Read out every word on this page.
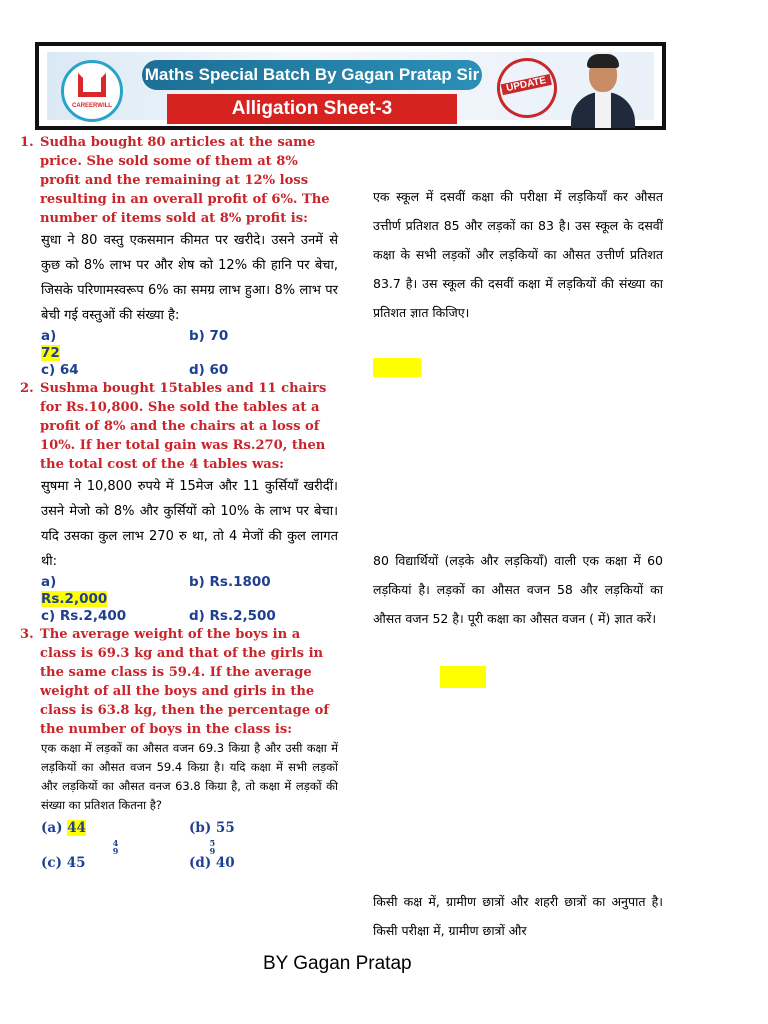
CAREERWILL
Maths Special Batch By Gagan Pratap Sir
Alligation Sheet-3
UPDATE
1. Sudha bought 80 articles at the same price. She sold some of them at 8% profit and the remaining at 12% loss resulting in an overall profit of 6%. The number of items sold at 8% profit is:
सुधा ने 80 वस्तु एकसमान कीमत पर खरीदे। उसने उनमें से कुछ को 8% लाभ पर और शेष को 12% की हानि पर बेचा, जिसके परिणामस्वरूप 6% का समग्र लाभ हुआ। 8% लाभ पर बेची गई वस्तुओं की संख्या है:
a)
72
b) 70
c) 64	d) 60
2. Sushma bought 15tables and 11 chairs for Rs.10,800. She sold the tables at a profit of 8% and the chairs at a loss of 10%. If her total gain was Rs.270, then the total cost of the 4 tables was:
सुषमा ने 10,800 रुपये में 15मेज और 11 कुर्सियाँ खरीदीं। उसने मेजो को 8% और कुर्सियों को 10% के लाभ पर बेचा। यदि उसका कुल लाभ 270 रु था, तो 4 मेजों की कुल लागत थी:
a)
Rs.2,000
b) Rs.1800
c) Rs.2,400	d) Rs.2,500
3. The average weight of the boys in a class is 69.3 kg and that of the girls in the same class is 59.4. If the average weight of all the boys and girls in the class is 63.8 kg, then the percentage of the number of boys in the class is:
एक कक्षा में लड़कों का औसत वजन 69.3 किग्रा है और उसी कक्षा में लड़कियों का औसत वजन 59.4 किग्रा है। यदि कक्षा में सभी लड़कों और लड़कियों का औसत वनज 63.8 किग्रा है, तो कक्षा में लड़कों की संख्या का प्रतिशत कितना है?
(a) 44
4
9
(b) 55
5
9
(c) 45	(d) 40
एक स्कूल में दसवीं कक्षा की परीक्षा में लड़कियाँ कर औसत उत्तीर्ण प्रतिशत 85 और लड़कों का 83 है। उस स्कूल के दसवीं कक्षा के सभी लड़कों और लड़कियों का औसत उत्तीर्ण प्रतिशत 83.7 है। उस स्कूल की दसवीं कक्षा में लड़कियों की संख्या का प्रतिशत ज्ञात किजिए।
80 विद्यार्थियों (लड़के और लड़कियाँ) वाली एक कक्षा में 60 लड़कियां है। लड़कों का औसत वजन 58 और लड़कियों का औसत वजन 52 है। पूरी कक्षा का औसत वजन ( में) ज्ञात करें।
किसी कक्ष में, ग्रामीण छात्रों और शहरी छात्रों का अनुपात है। किसी परीक्षा में, ग्रामीण छात्रों और
BY Gagan Pratap
